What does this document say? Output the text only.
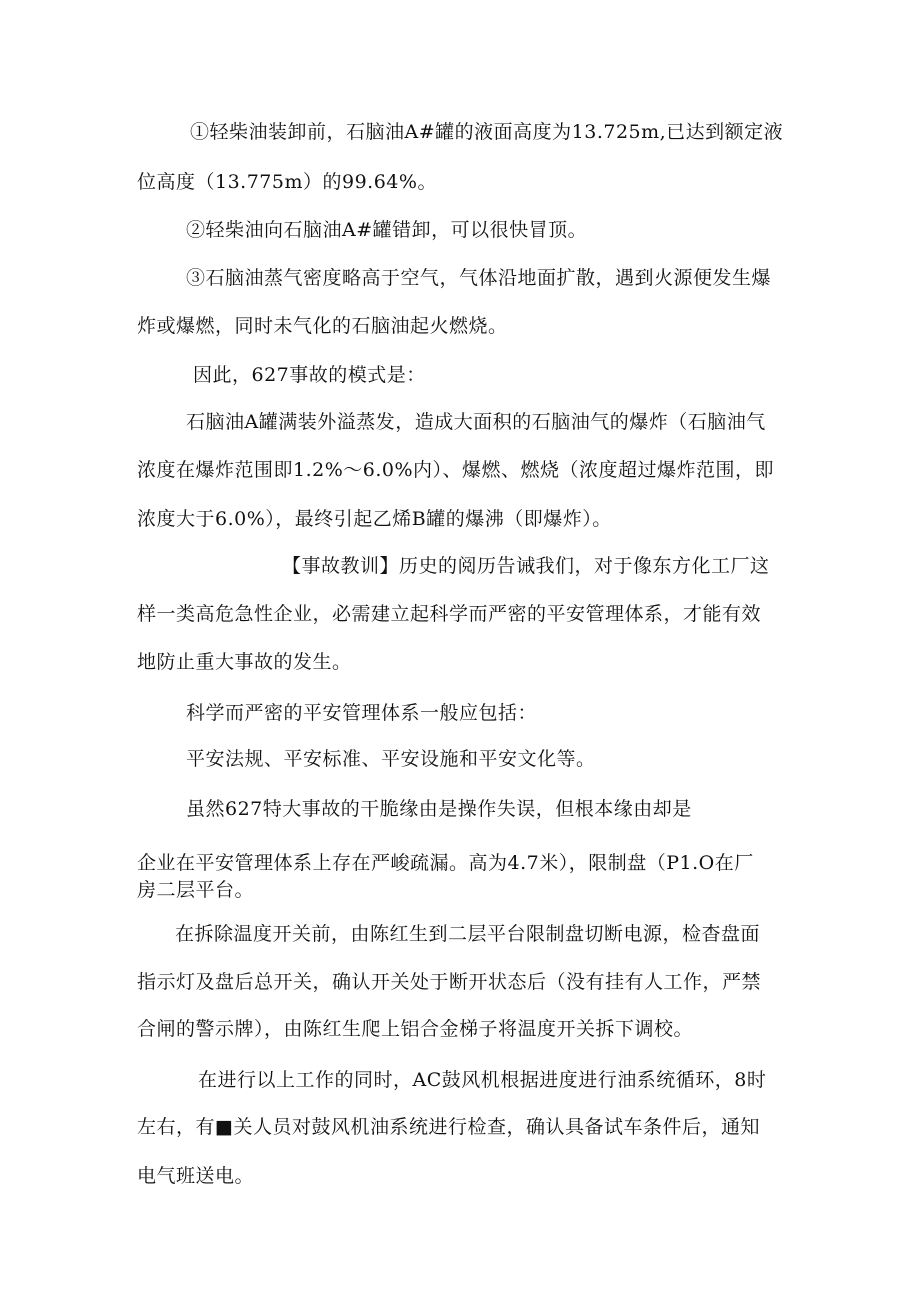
①轻柴油装卸前，石脑油A#罐的液面高度为13.725m,已达到额定液
位高度（13.775m）的99.64%。
②轻柴油向石脑油A#罐错卸，可以很快冒顶。
③石脑油蒸气密度略高于空气，气体沿地面扩散，遇到火源便发生爆
炸或爆燃，同时未气化的石脑油起火燃烧。
因此，627事故的模式是：
石脑油A罐满装外溢蒸发，造成大面积的石脑油气的爆炸（石脑油气
浓度在爆炸范围即1.2%～6.0%内）、爆燃、燃烧（浓度超过爆炸范围，即
浓度大于6.0%），最终引起乙烯B罐的爆沸（即爆炸）。
【事故教训】历史的阅历告诫我们，对于像东方化工厂这
样一类高危急性企业，必需建立起科学而严密的平安管理体系，才能有效
地防止重大事故的发生。
科学而严密的平安管理体系一般应包括：
平安法规、平安标准、平安设施和平安文化等。
虽然627特大事故的干脆缘由是操作失误，但根本缘由却是
企业在平安管理体系上存在严峻疏漏。高为4.7米），限制盘（P1.O在厂
房二层平台。
在拆除温度开关前，由陈红生到二层平台限制盘切断电源，检杳盘面
指示灯及盘后总开关，确认开关处于断开状态后（没有挂有人工作，严禁
合闸的警示牌），由陈红生爬上铝合金梯子将温度开关拆下调校。
在进行以上工作的同时，AC鼓风机根据进度进行油系统循环，8时
左右，有■关人员对鼓风机油系统进行检查，确认具备试车条件后，通知
电气班送电。
